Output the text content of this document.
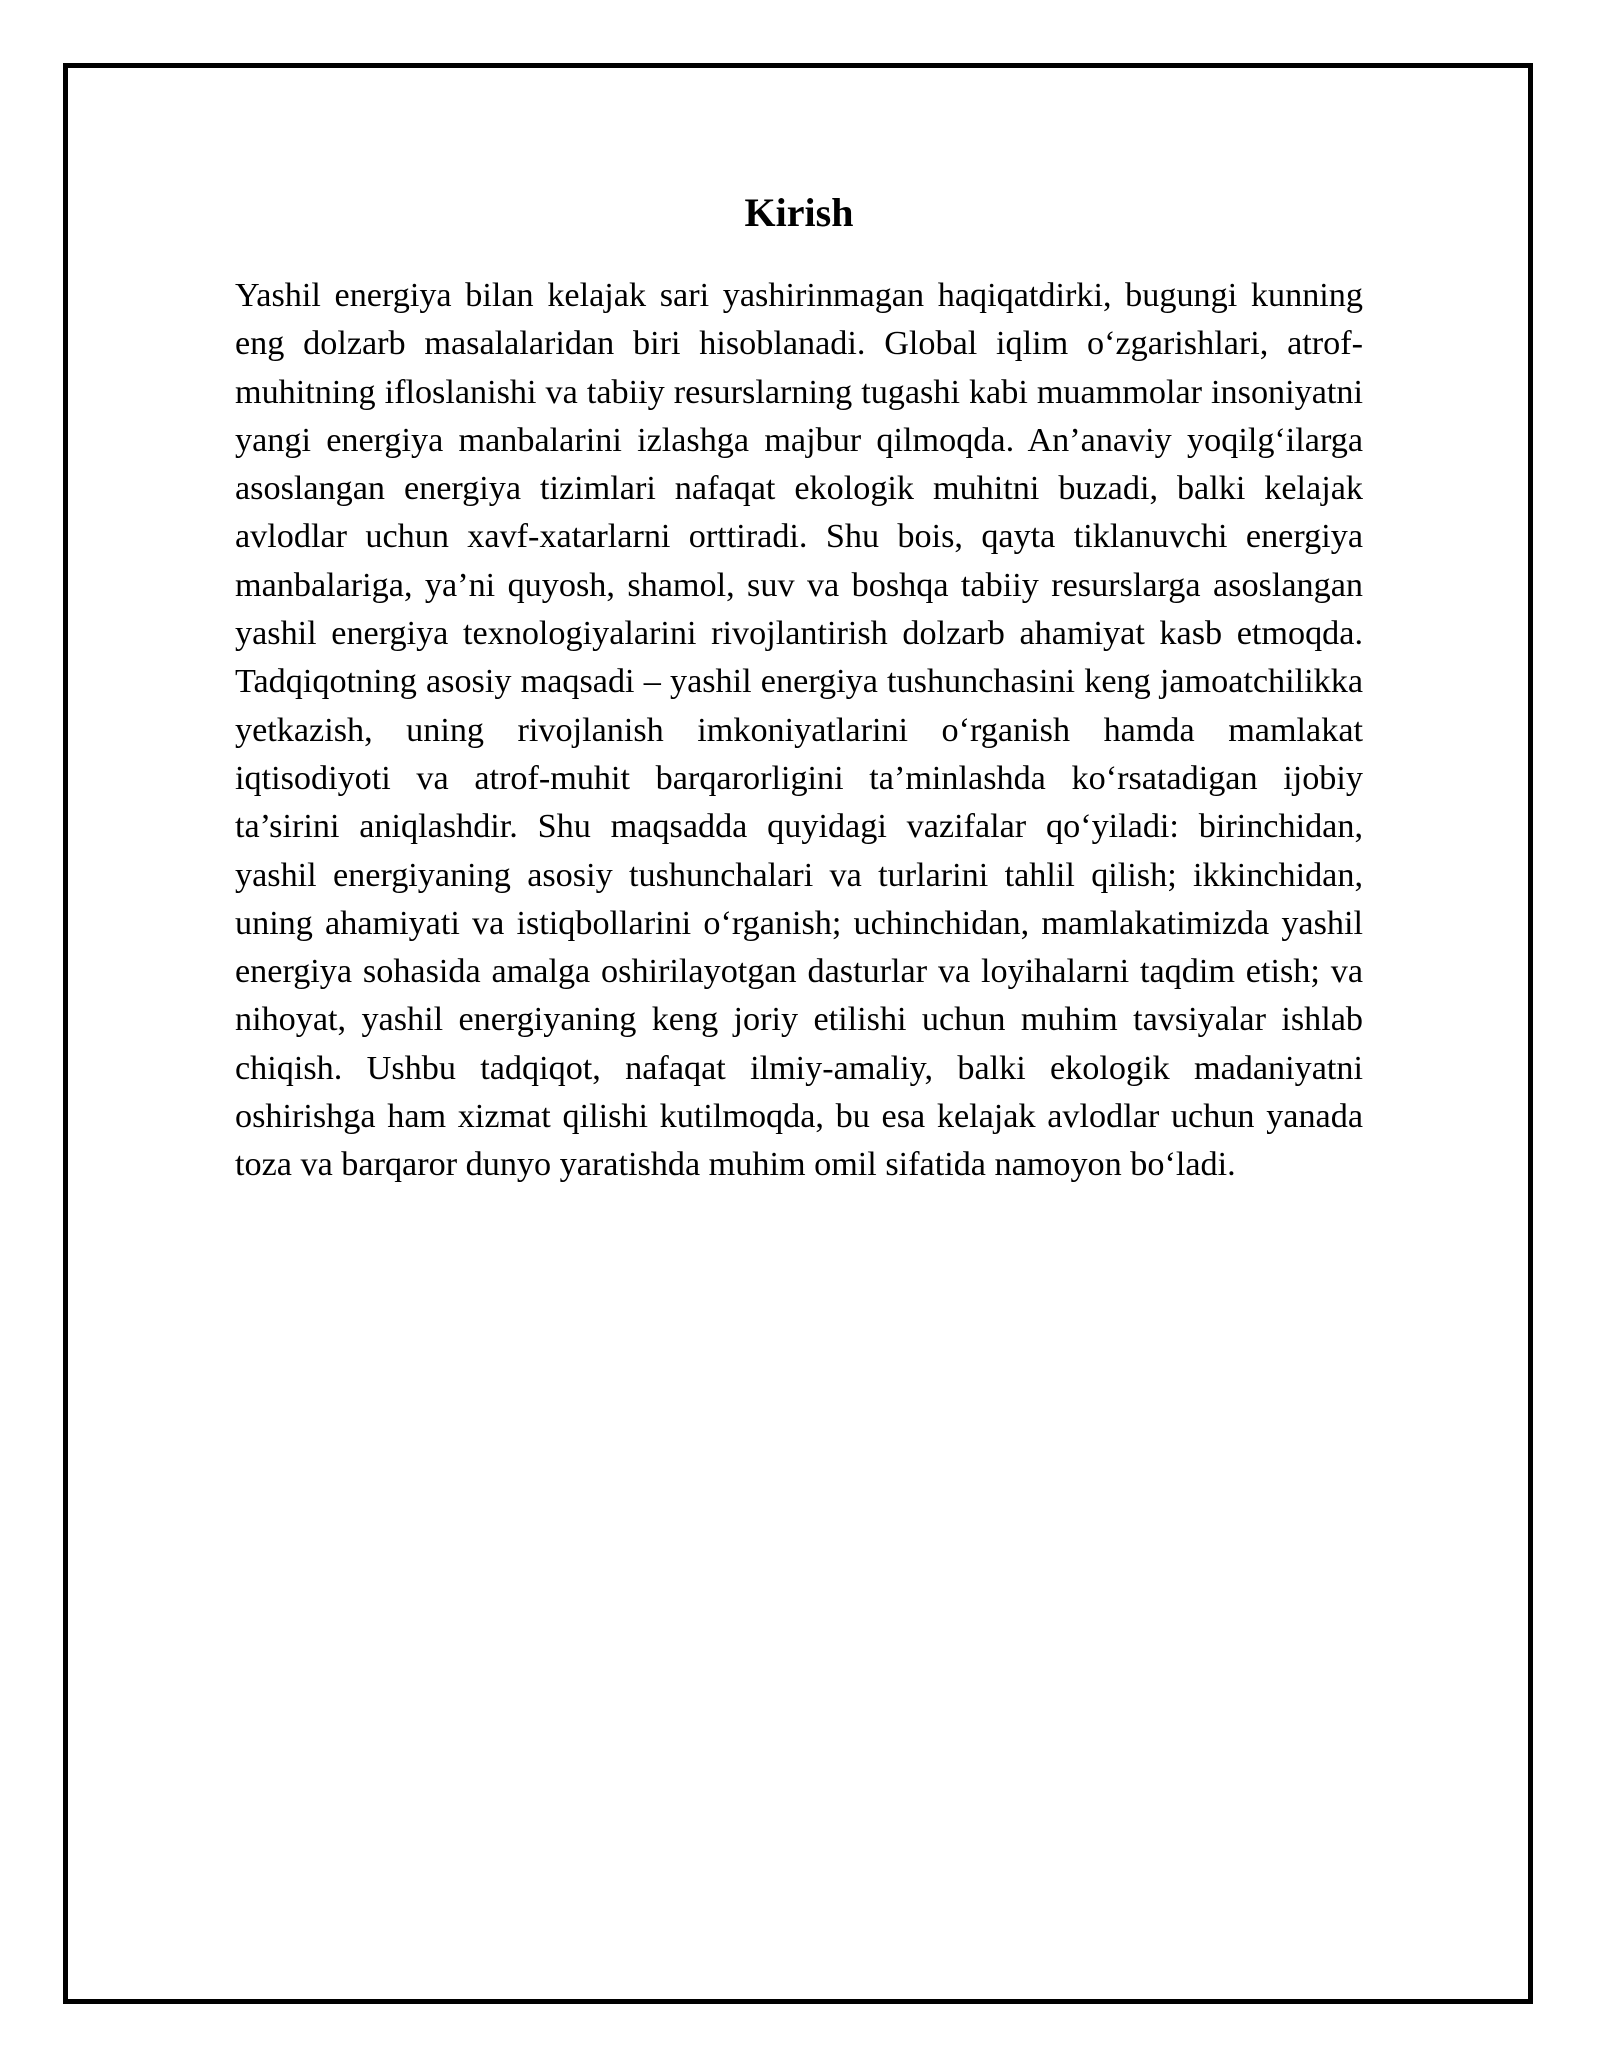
Kirish

Yashil energiya bilan kelajak sari yashirinmagan haqiqatdirki, bugungi kunning eng dolzarb masalalaridan biri hisoblanadi. Global iqlim o‘zgarishlari, atrof-muhitning ifloslanishi va tabiiy resurslarning tugashi kabi muammolar insoniyatni yangi energiya manbalarini izlashga majbur qilmoqda. An’anaviy yoqilg‘ilarga asoslangan energiya tizimlari nafaqat ekologik muhitni buzadi, balki kelajak avlodlar uchun xavf-xatarlarni orttiradi. Shu bois, qayta tiklanuvchi energiya manbalariga, ya’ni quyosh, shamol, suv va boshqa tabiiy resurslarga asoslangan yashil energiya texnologiyalarini rivojlantirish dolzarb ahamiyat kasb etmoqda. Tadqiqotning asosiy maqsadi – yashil energiya tushunchasini keng jamoatchilikka yetkazish, uning rivojlanish imkoniyatlarini o‘rganish hamda mamlakat iqtisodiyoti va atrof-muhit barqarorligini ta’minlashda ko‘rsatadigan ijobiy ta’sirini aniqlashdir. Shu maqsadda quyidagi vazifalar qo‘yiladi: birinchidan, yashil energiyaning asosiy tushunchalari va turlarini tahlil qilish; ikkinchidan, uning ahamiyati va istiqbollarini o‘rganish; uchinchidan, mamlakatimizda yashil energiya sohasida amalga oshirilayotgan dasturlar va loyihalarni taqdim etish; va nihoyat, yashil energiyaning keng joriy etilishi uchun muhim tavsiyalar ishlab chiqish. Ushbu tadqiqot, nafaqat ilmiy-amaliy, balki ekologik madaniyatni oshirishga ham xizmat qilishi kutilmoqda, bu esa kelajak avlodlar uchun yanada toza va barqaror dunyo yaratishda muhim omil sifatida namoyon bo‘ladi.
